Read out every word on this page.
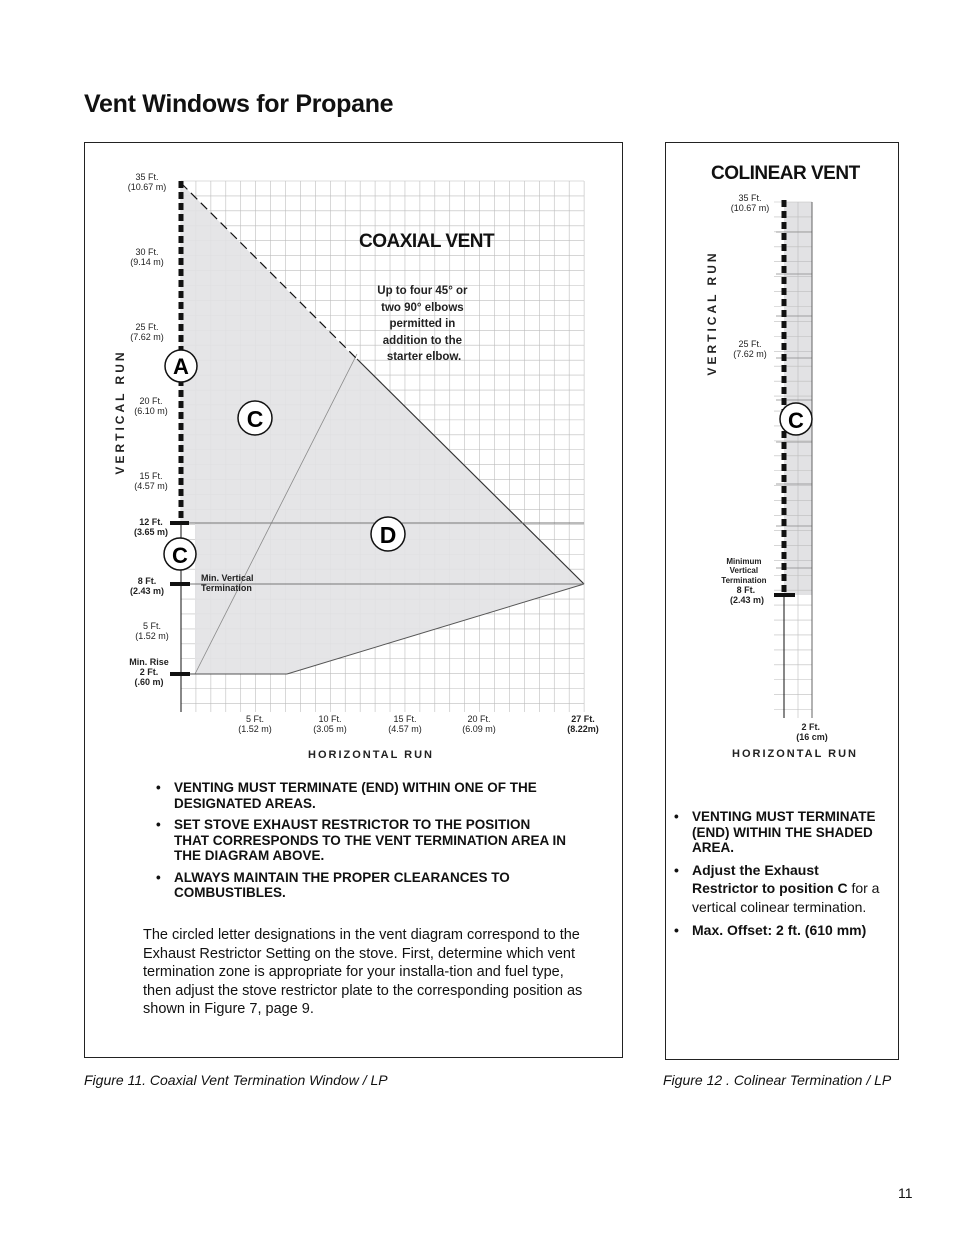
Vent Windows for Propane
35 Ft. (10.67 m)
30 Ft. (9.14 m)
25 Ft. (7.62 m)
20 Ft. (6.10 m)
15 Ft. (4.57 m)
12 Ft. (3.65 m)
8 Ft. (2.43 m)
5 Ft. (1.52 m)
Min. Rise 2 Ft. (.60 m)
Min. Vertical Termination
5 Ft. (1.52 m)
10 Ft. (3.05 m)
15 Ft. (4.57 m)
20 Ft. (6.09 m)
27 Ft. (8.22m)
HORIZONTAL RUN
VERTICAL RUN
COAXIAL VENT
Up to four 45° or two 90° elbows permitted in addition to the starter elbow.
A
C
C
D
• VENTING MUST TERMINATE (END) WITHIN ONE OF THE DESIGNATED AREAS.
• SET STOVE EXHAUST RESTRICTOR TO THE POSITION THAT CORRESPONDS TO THE VENT TERMINATION AREA IN THE DIAGRAM ABOVE.
• ALWAYS MAINTAIN THE PROPER CLEARANCES TO COMBUSTIBLES.

The circled letter designations in the vent diagram correspond to the Exhaust Restrictor Setting on the stove. First, determine which vent termination zone is appropriate for your installa-tion and fuel type, then adjust the stove restrictor plate to the corresponding position as shown in Figure 7, page 9.

Figure 11. Coaxial Vent Termination Window / LP
COLINEAR VENT
35 Ft. (10.67 m)
25 Ft. (7.62 m)
Minimum Vertical Termination 8 Ft. (2.43 m)
2 Ft. (16 cm)
HORIZONTAL RUN
VERTICAL RUN
C
• VENTING MUST TERMINATE (END) WITHIN THE SHADED AREA.
• Adjust the Exhaust Restrictor to position C for a vertical colinear termination.
• Max. Offset: 2 ft. (610 mm)
Figure 12 . Colinear Termination / LP
11
